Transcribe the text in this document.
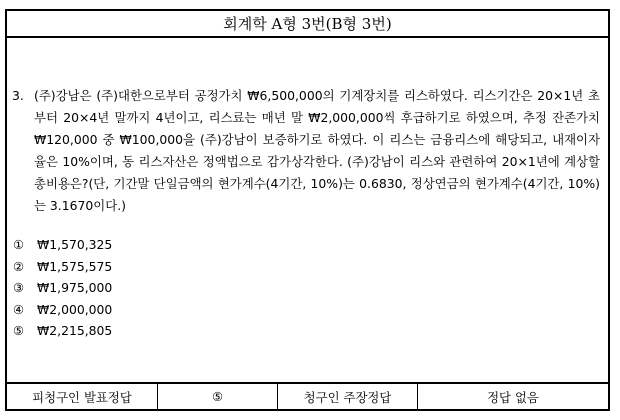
회계학 A형 3번(B형 3번)
3. (주)강남은 (주)대한으로부터 공정가치 ₩6,500,000의 기계장치를 리스하였다. 리스기간은 20×1년 초부터 20×4년 말까지 4년이고, 리스료는 매년 말 ₩2,000,000씩 후급하기로 하였으며, 추정 잔존가치 ₩120,000 중 ₩100,000을 (주)강남이 보증하기로 하였다. 이 리스는 금융리스에 해당되고, 내재이자율은 10%이며, 동 리스자산은 정액법으로 감가상각한다. (주)강남이 리스와 관련하여 20×1년에 계상할 총비용은?(단, 기간말 단일금액의 현가계수(4기간, 10%)는 0.6830, 정상연금의 현가계수(4기간, 10%)는 3.1670이다.)
① ₩1,570,325
② ₩1,575,575
③ ₩1,975,000
④ ₩2,000,000
⑤ ₩2,215,805
피청구인 발표정답	⑤	청구인 주장정답	정답 없음
